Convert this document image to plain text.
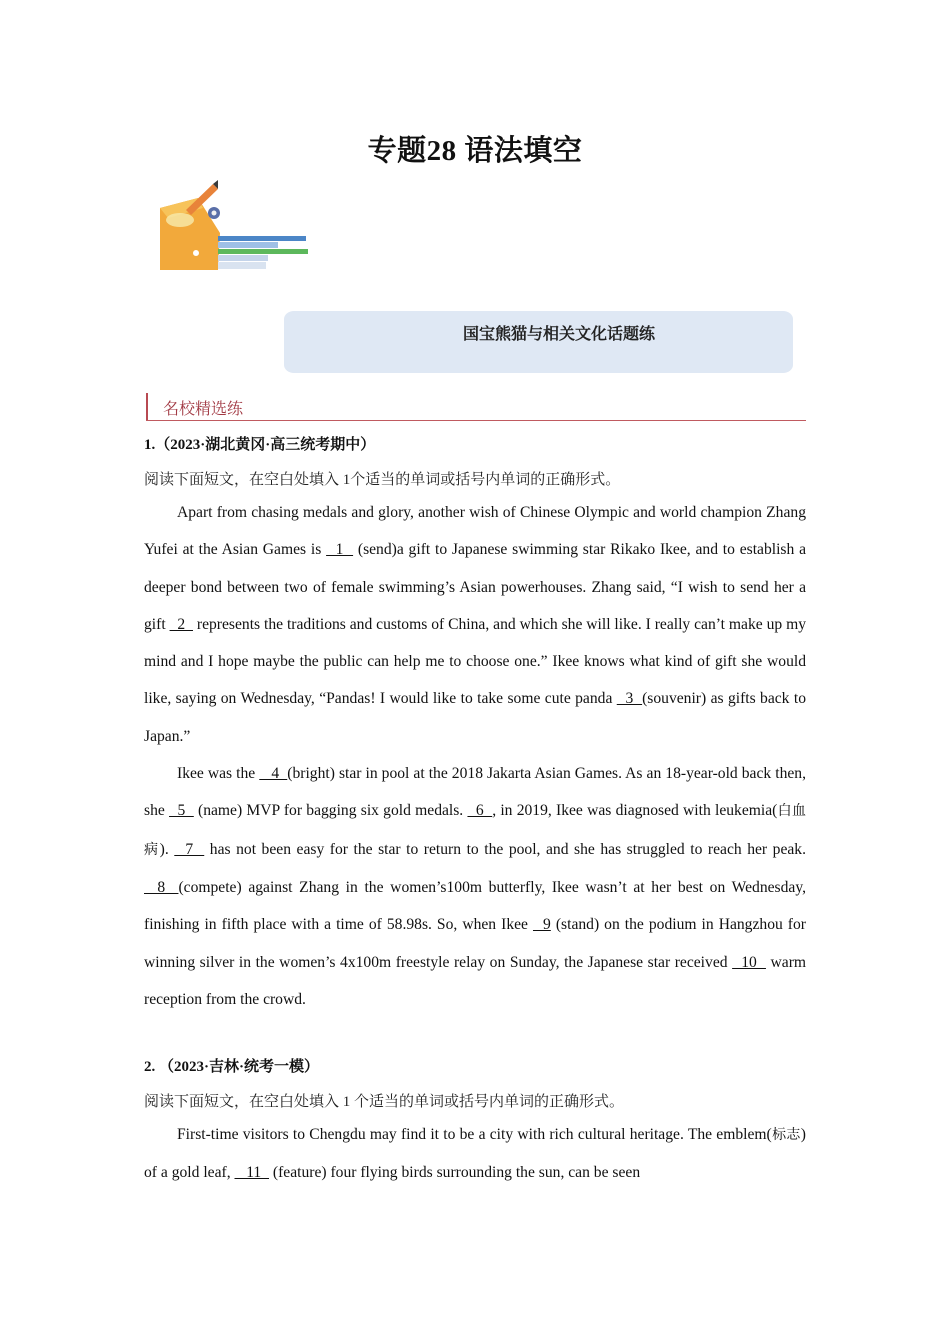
专题28 语法填空
国宝熊猫与相关文化话题练
名校精选练
1.（2023·湖北黄冈·高三统考期中）
阅读下面短文，在空白处填入 1个适当的单词或括号内单词的正确形式。

Apart from chasing medals and glory, another wish of Chinese Olympic and world champion Zhang Yufei at the Asian Games is   1   (send)a gift to Japanese swimming star Rikako Ikee, and to establish a deeper bond between two of female swimming’s Asian powerhouses. Zhang said, “I wish to send her a gift   2   represents the traditions and customs of China, and which she will like. I really can’t make up my mind and I hope maybe the public can help me to choose one.” Ikee knows what kind of gift she would like, saying on Wednesday, “Pandas! I would like to take some cute panda   3  (souvenir) as gifts back to Japan.”

Ikee was the    4  (bright) star in pool at the 2018 Jakarta Asian Games. As an 18-year-old back then, she   5   (name) MVP for bagging six gold medals.   6  , in 2019, Ikee was diagnosed with leukemia(白血病).   7   has not been easy for the star to return to the pool, and she has struggled to reach her peak.   8  (compete) against Zhang in the women’s100m butterfly, Ikee wasn’t at her best on Wednesday, finishing in fifth place with a time of 58.98s. So, when Ikee   9 (stand) on the podium in Hangzhou for winning silver in the women’s 4x100m freestyle relay on Sunday, the Japanese star received   10   warm reception from the crowd.

2. （2023·吉林·统考一模）
阅读下面短文，在空白处填入 1 个适当的单词或括号内单词的正确形式。

First-time visitors to Chengdu may find it to be a city with rich cultural heritage. The emblem(标志) of a gold leaf,    11   (feature) four flying birds surrounding the sun, can be seen
